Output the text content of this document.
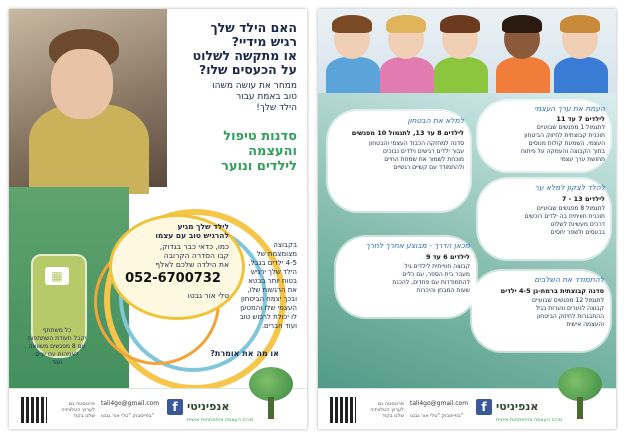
האם הילד שלך
רגיש מידיי?
או מתקשה לשלוט
על הכעסים שלו?
ממחר את עושה משהו
טוב באמת עבור
הילד שלך!
סדנות טיפול
והעצמה
לילדים ונוער
לילד שלך מגיע
להרגיש טוב עם עצמו
כמו, כדאי כבר בגדוק,
קבו הסדרה הקרובה
את הילדה שלכם לאלף
052-6700732
טלי אור גבטו
בקבוצה
מצומצמת של
4-5 ילדים בגבל,
הילד שלך ירגיש
בטוח יותר בבטא
את הרגשות שלו,
ובכך יצמח הביטחון
העצמי שלו והמטען
לו יכולת לרכוש טוב
ועוד חברים.
או מה את אומרת?
▦
כל משתתף
יקבל תעודת השתתפות
עם 8 מפגשים משוואה
לאמהות עם יונים
ועוד
פרוגסטה גם
לערוץ הטלוויזיה
שלנו בקוד
tali4go@gmail.com
בפייסבוק "טלי אור גבטו"
f אנפיניטי
מרכז העצמה והתפתחות אישית
העמת את ערך העצמי
לילדים 7 עד 11
לתגמול 1 מפגשים שבועיים
תוכנית קבוצתית לחיזוק הביטחון
העצמי, השמעת קולות מנוסים
בתוך הקבוצה והעמקה על פיתוח
תחושת ערך עצמי
למלא את הבטחון
לילדים 8 עד 13, לתגמול 10 מפגשים
סדנה למחזקה הכבוד העצמי והבטחון
עבור ילדים רגישים וילדים נבוכים
מוכחת לשמור את שמחת החיים
ולהתמודד עם קשיים רגשיים
להלד לצקון למלא ער
לילדים 13 - 7
לתגמול 8 מפגשים שבועיים
תוכנית חוויתית בה ילדים רוכשים
דרכים מעשיות לשלוט
בכעסים ולשפר יחסים
מכאן הדרך - מבוצע אחרך לחרך
לילדים 6 עד 9
קבוצה חווייתית לילדים גיל
מעבר בית הספר, עם כלים
להתמודדות עם פחדים, להכנת
שעות המבחן והיכרות
להתמודד את השלבים
סדנה קבוצתית ברמת-גן 4-5 ילדים
לתגמול 12 מפגשים שבועיים
קבוצה לנערים ונערות בגיל
ההתבגרות לחיזוק הביטחון
והעצמה אישית
פרוגסטה גם
לערוץ הטלוויזיה
שלנו בקוד
tali4go@gmail.com
בפייסבוק "טלי אור גבטו"
f אנפיניטי
מרכז העצמה והתפתחות אישית
